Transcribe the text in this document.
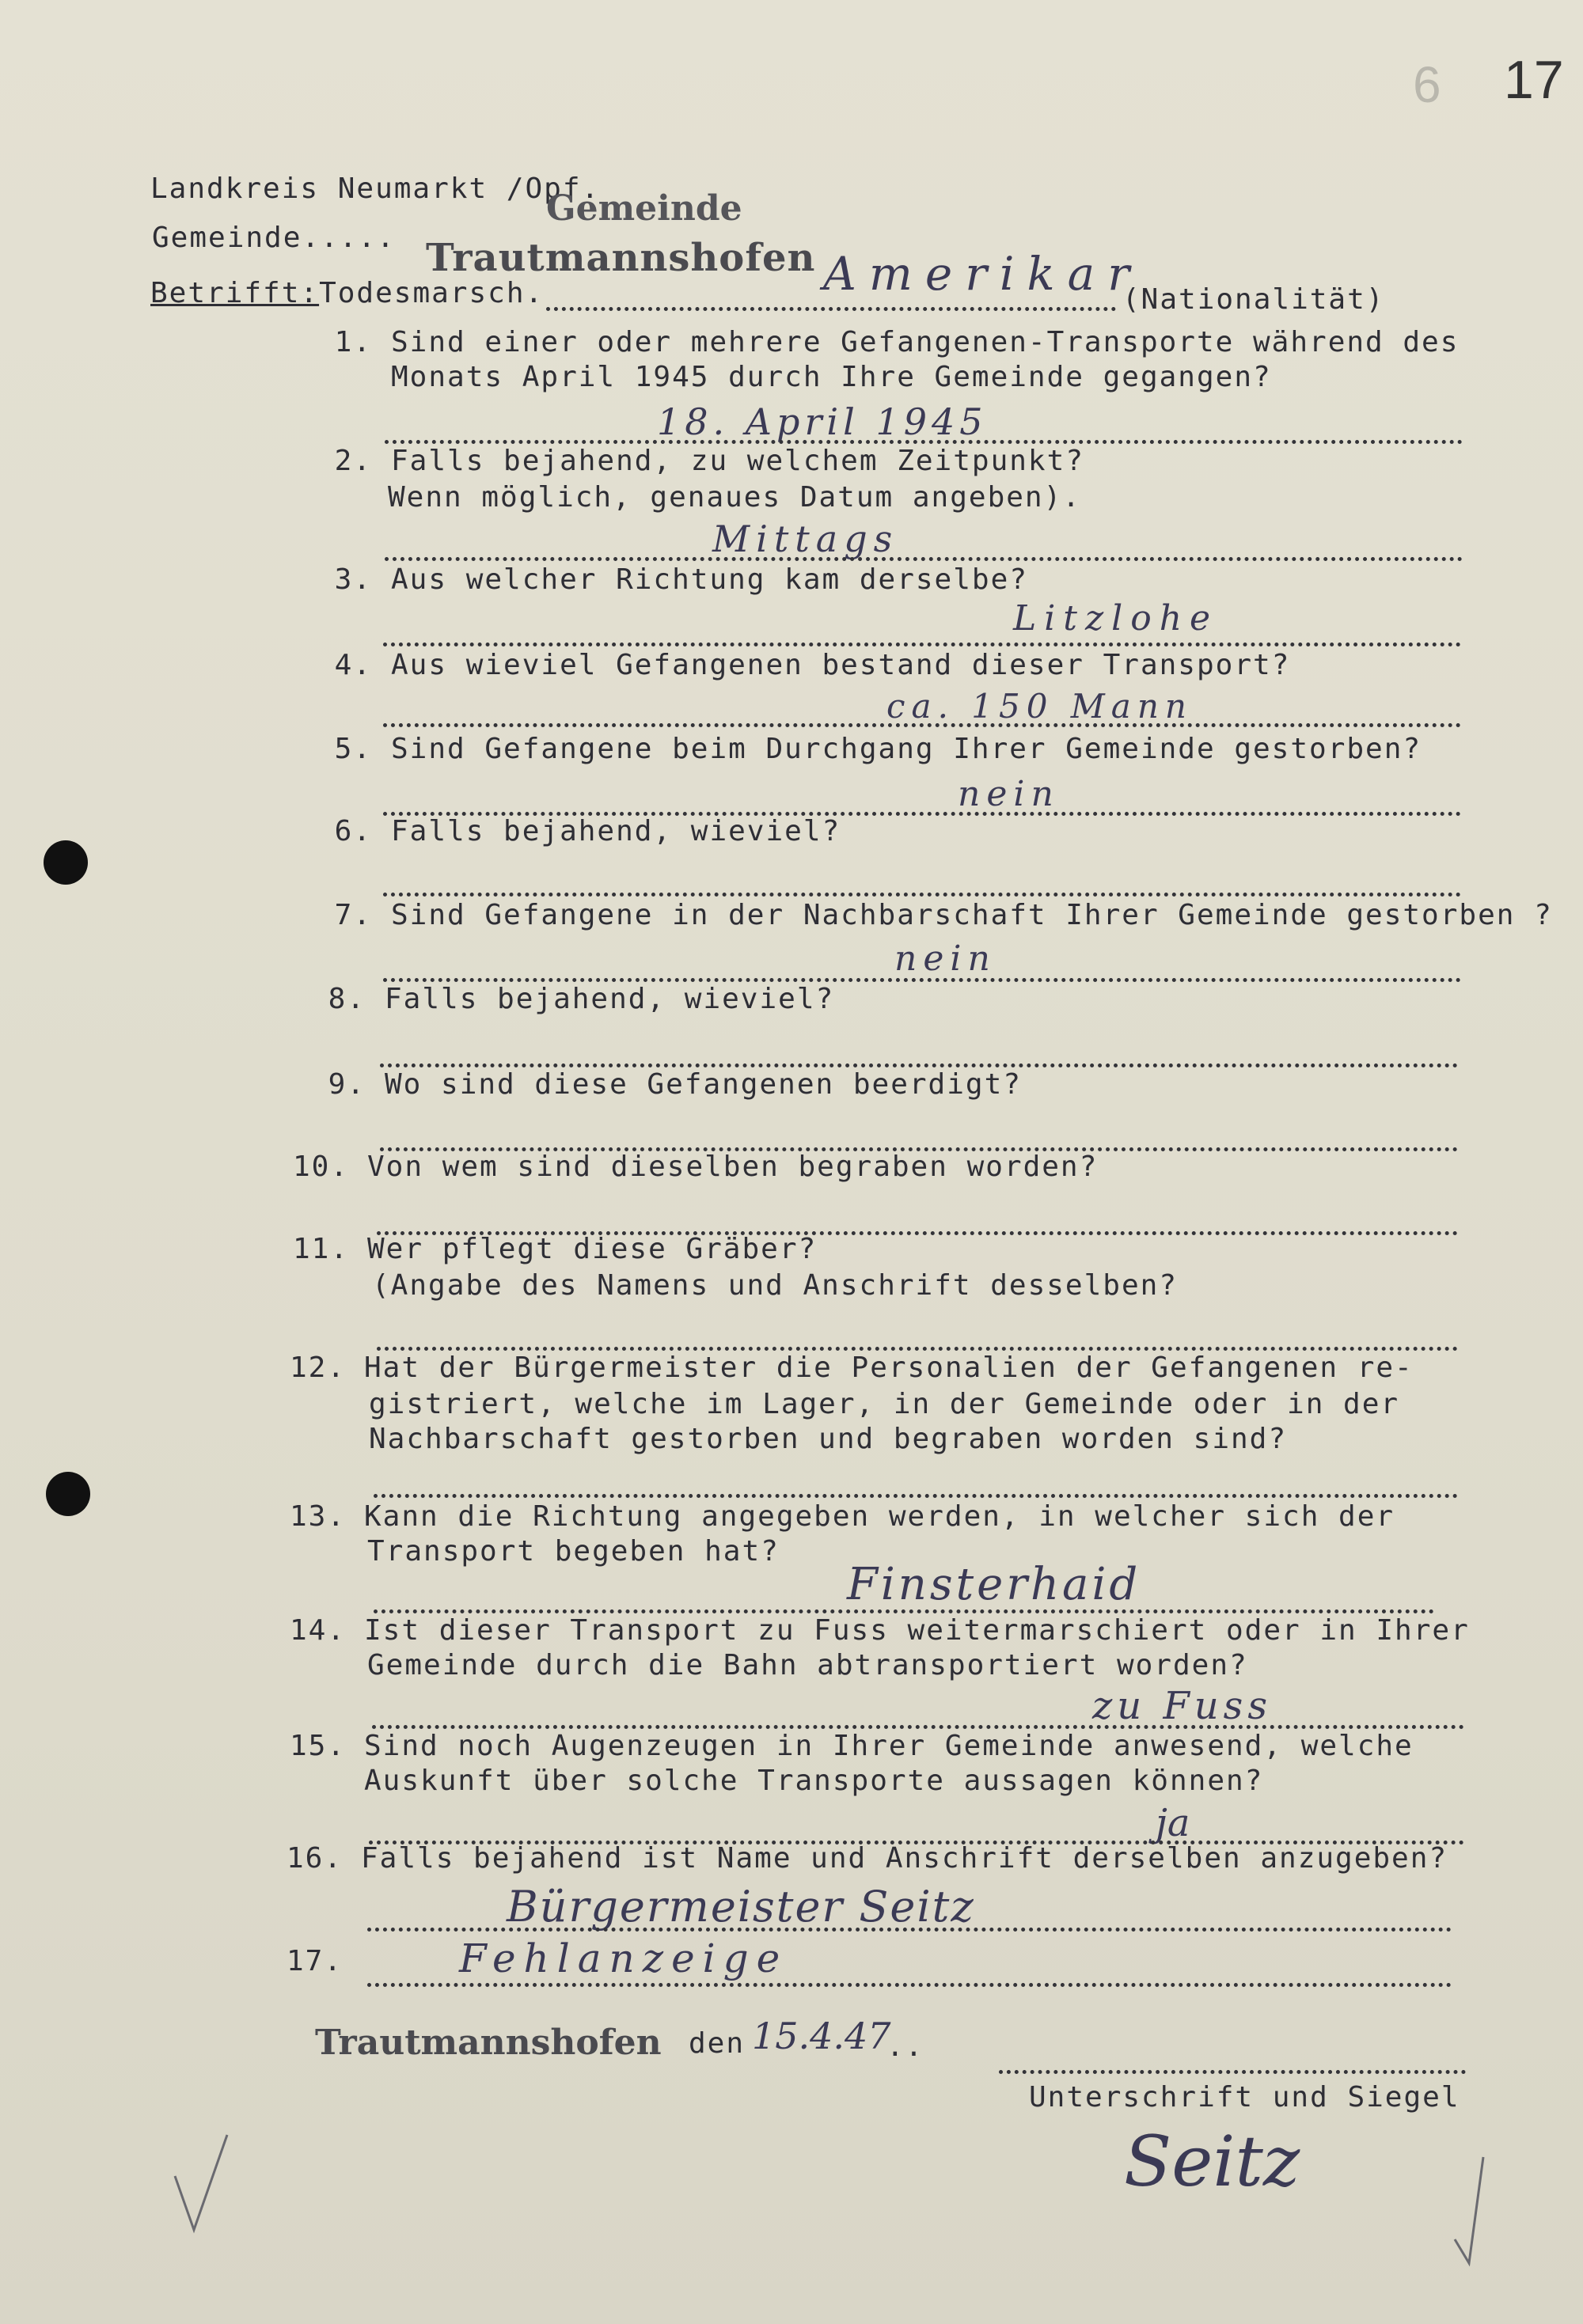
6 17
Landkreis Neumarkt /Opf.
Gemeinde
Gemeinde..... Trautmannshofen
Betrifft:Todesmarsch.	Amerikar
(Nationalität)
1. Sind einer oder mehrere Gefangenen-Transporte während des
Monats April 1945 durch Ihre Gemeinde gegangen?
18. April 1945
2. Falls bejahend, zu welchem Zeitpunkt?
Wenn möglich, genaues Datum angeben).
Mittags
3. Aus welcher Richtung kam derselbe?
Litzlohe
4. Aus wieviel Gefangenen bestand dieser Transport?
ca. 150 Mann
5. Sind Gefangene beim Durchgang Ihrer Gemeinde gestorben?
nein
6. Falls bejahend, wieviel?
7. Sind Gefangene in der Nachbarschaft Ihrer Gemeinde gestorben ?
nein
8. Falls bejahend, wieviel?
9. Wo sind diese Gefangenen beerdigt?
10. Von wem sind dieselben begraben worden?
11. Wer pflegt diese Gräber?
(Angabe des Namens und Anschrift desselben?
12. Hat der Bürgermeister die Personalien der Gefangenen re-
gistriert, welche im Lager, in der Gemeinde oder in der
Nachbarschaft gestorben und begraben worden sind?
13. Kann die Richtung angegeben werden, in welcher sich der
Transport begeben hat?
Finsterhaid
14. Ist dieser Transport zu Fuss weitermarschiert oder in Ihrer
Gemeinde durch die Bahn abtransportiert worden?
zu Fuss
15. Sind noch Augenzeugen in Ihrer Gemeinde anwesend, welche
Auskunft über solche Transporte aussagen können?
ja
16. Falls bejahend ist Name und Anschrift derselben anzugeben?
Bürgermeister Seitz
17.	Fehlanzeige
Trautmannshofen den 15.4.47
..
Unterschrift und Siegel
Seitz
